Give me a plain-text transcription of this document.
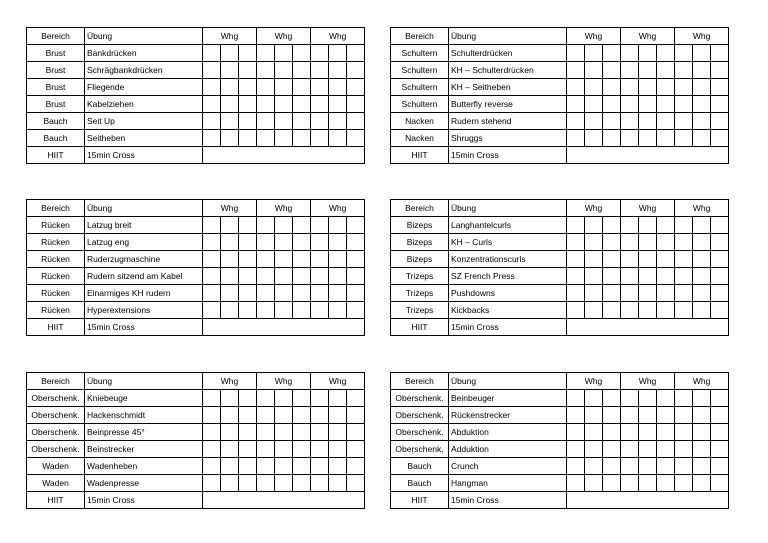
Bereich	Übung	Whg			Whg			Whg		
Brust	Bankdrücken									
Brust	Schrägbankdrücken									
Brust	Fliegende									
Brust	Kabelziehen									
Bauch	Seit Up									
Bauch	Seitheben									
HIIT	15min Cross									
Bereich	Übung	Whg			Whg			Whg		
Schultern	Schulterdrücken									
Schultern	KH – Schulterdrücken									
Schultern	KH – Seitheben									
Schultern	Butterfly reverse									
Nacken	Rudern stehend									
Nacken	Shruggs									
HIIT	15min Cross									
Bereich	Übung	Whg			Whg			Whg		
Rücken	Latzug breit									
Rücken	Latzug eng									
Rücken	Ruderzugmaschine									
Rücken	Rudern sitzend am Kabel									
Rücken	Einarmiges KH rudern									
Rücken	Hyperextensions									
HIIT	15min Cross									
Bereich	Übung	Whg			Whg			Whg		
Bizeps	Langhantelcurls									
Bizeps	KH – Curls									
Bizeps	Konzentrationscurls									
Trizeps	SZ French Press									
Trizeps	Pushdowns									
Trizeps	Kickbacks									
HIIT	15min Cross									
Bereich	Übung	Whg			Whg			Whg		
Oberschenk.	Kniebeuge									
Oberschenk.	Hackenschmidt									
Oberschenk.	Beinpresse 45°									
Oberschenk.	Beinstrecker									
Waden	Wadenheben									
Waden	Wadenpresse									
HIIT	15min Cross									
Bereich	Übung	Whg			Whg			Whg		
Oberschenk.	Beinbeuger									
Oberschenk.	Rückenstrecker									
Oberschenk.	Abduktion									
Oberschenk.	Adduktion									
Bauch	Crunch									
Bauch	Hangman									
HIIT	15min Cross									
